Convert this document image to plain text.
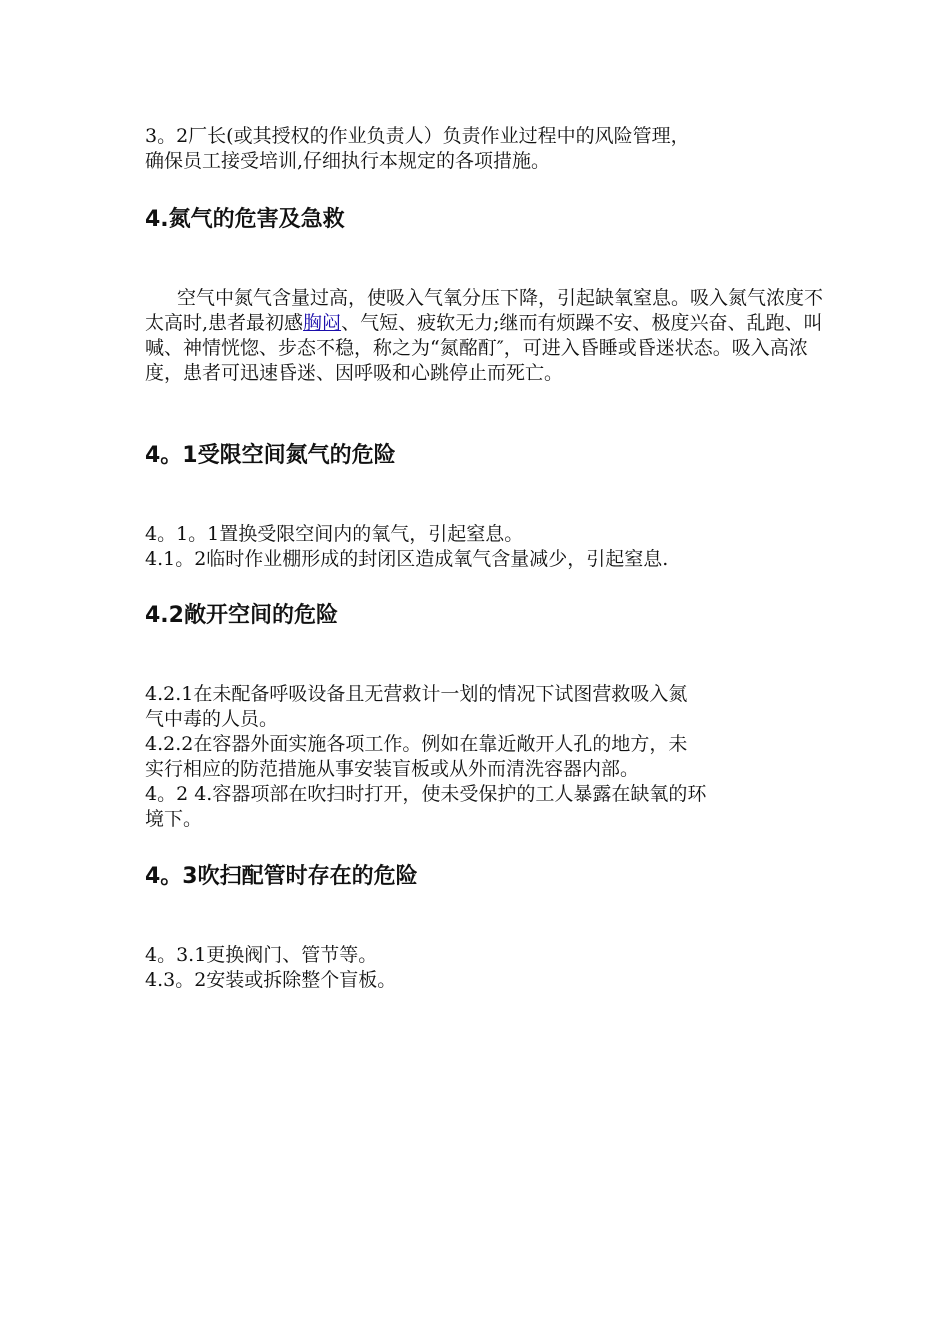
3。2厂长(或其授权的作业负责人）负责作业过程中的风险管理，
确保员工接受培训,仔细执行本规定的各项措施。

4.氮气的危害及急救

空气中氮气含量过高，使吸入气氧分压下降，引起缺氧窒息。吸入氮气浓度不太高时,患者最初感胸闷、气短、疲软无力;继而有烦躁不安、极度兴奋、乱跑、叫喊、神情恍惚、步态不稳，称之为“氮酩酊″，可进入昏睡或昏迷状态。吸入高浓度，患者可迅速昏迷、因呼吸和心跳停止而死亡。

4。1受限空间氮气的危险

4。1。1置换受限空间内的氧气，引起窒息。
4.1。2临时作业棚形成的封闭区造成氧气含量减少，引起窒息.

4.2敞开空间的危险

4.2.1在未配备呼吸设备且无营救计一划的情况下试图营救吸入氮
气中毒的人员。
4.2.2在容器外面实施各项工作。例如在靠近敞开人孔的地方，未
实行相应的防范措施从事安装盲板或从外而清洗容器内部。
4。2 4.容器项部在吹扫时打开，使未受保护的工人暴露在缺氧的环
境下。

4。3吹扫配管时存在的危险

4。3.1更换阀门、管节等。
4.3。2安装或拆除整个盲板。
